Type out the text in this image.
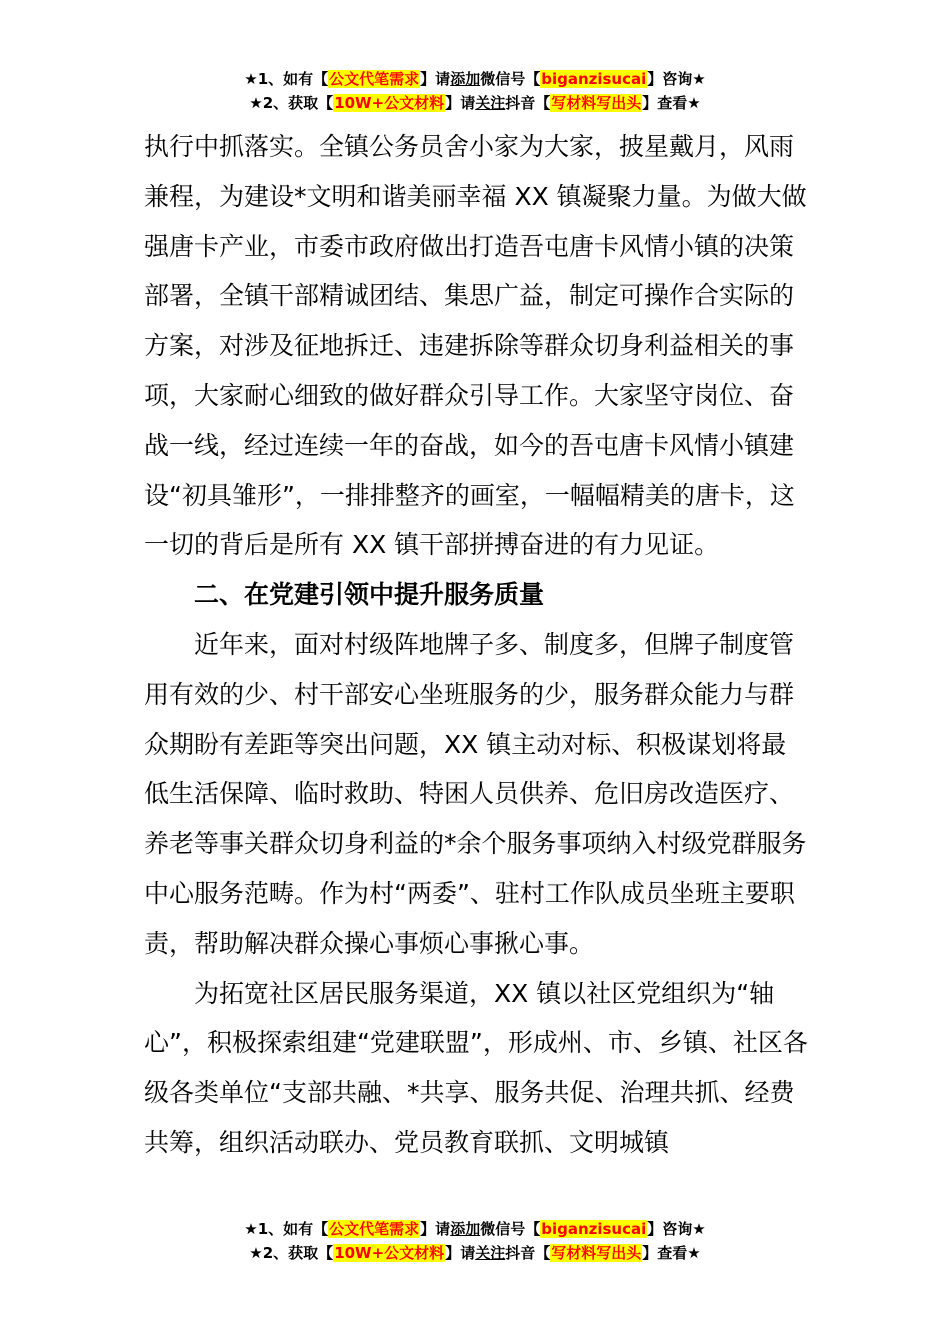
★1、如有【公文代笔需求】请添加微信号【biganzisucai】咨询★
★2、获取【10W+公文材料】请关注抖音【写材料写出头】查看★

执行中抓落实。全镇公务员舍小家为大家，披星戴月，风雨兼程，为建设*文明和谐美丽幸福 XX 镇凝聚力量。为做大做强唐卡产业，市委市政府做出打造吾屯唐卡风情小镇的决策部署，全镇干部精诚团结、集思广益，制定可操作合实际的方案，对涉及征地拆迁、违建拆除等群众切身利益相关的事项，大家耐心细致的做好群众引导工作。大家坚守岗位、奋战一线，经过连续一年的奋战，如今的吾屯唐卡风情小镇建设“初具雏形”，一排排整齐的画室，一幅幅精美的唐卡，这一切的背后是所有 XX 镇干部拼搏奋进的有力见证。

二、在党建引领中提升服务质量

近年来，面对村级阵地牌子多、制度多，但牌子制度管用有效的少、村干部安心坐班服务的少，服务群众能力与群众期盼有差距等突出问题，XX 镇主动对标、积极谋划将最低生活保障、临时救助、特困人员供养、危旧房改造医疗、养老等事关群众切身利益的*余个服务事项纳入村级党群服务中心服务范畴。作为村“两委”、驻村工作队成员坐班主要职责，帮助解决群众操心事烦心事揪心事。

为拓宽社区居民服务渠道，XX 镇以社区党组织为“轴心”，积极探索组建“党建联盟”，形成州、市、乡镇、社区各级各类单位“支部共融、*共享、服务共促、治理共抓、经费共筹，组织活动联办、党员教育联抓、文明城镇

★1、如有【公文代笔需求】请添加微信号【biganzisucai】咨询★
★2、获取【10W+公文材料】请关注抖音【写材料写出头】查看★
